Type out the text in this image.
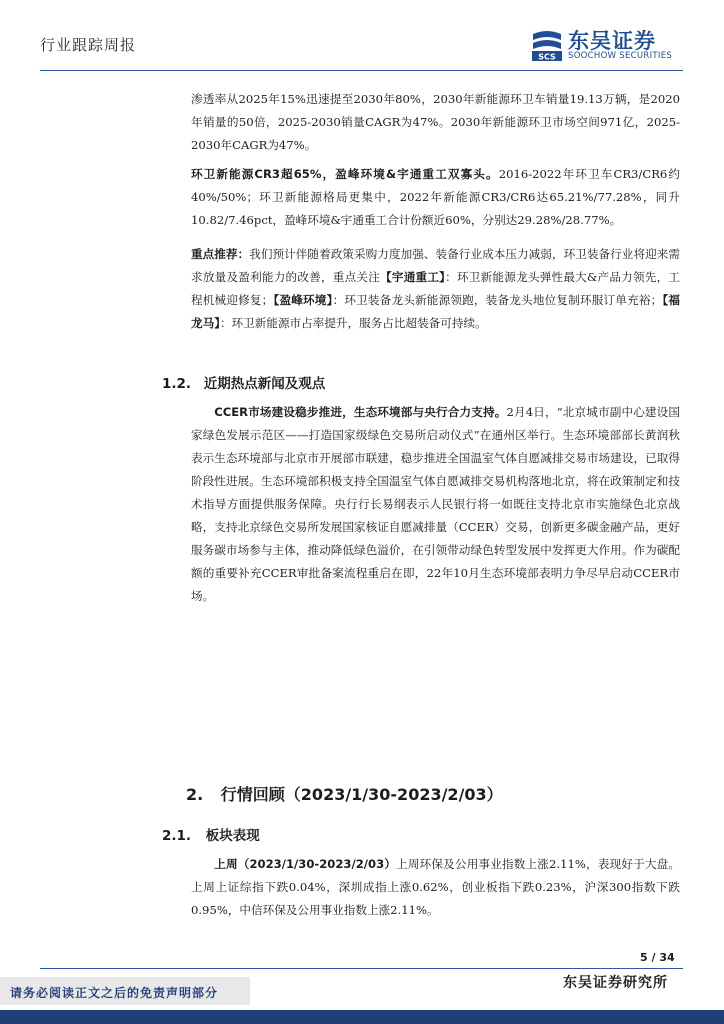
行业跟踪周报
SCS
东吴证券
SOOCHOW SECURITIES
渗透率从2025年15%迅速提至2030年80%，2030年新能源环卫车销量19.13万辆，是2020年销量的50倍，2025-2030销量CAGR为47%。2030年新能源环卫市场空间971亿，2025-2030年CAGR为47%。
环卫新能源CR3超65%，盈峰环境&宇通重工双寡头。2016-2022年环卫车CR3/CR6约40%/50%；环卫新能源格局更集中，2022年新能源CR3/CR6达65.21%/77.28%，同升10.82/7.46pct，盈峰环境&宇通重工合计份额近60%，分别达29.28%/28.77%。
重点推荐：我们预计伴随着政策采购力度加强、装备行业成本压力减弱，环卫装备行业将迎来需求放量及盈利能力的改善，重点关注【宇通重工】：环卫新能源龙头弹性最大&产品力领先，工程机械迎修复；【盈峰环境】：环卫装备龙头新能源领跑，装备龙头地位复制环服订单充裕；【福龙马】：环卫新能源市占率提升，服务占比超装备可持续。
1.2. 近期热点新闻及观点
CCER市场建设稳步推进，生态环境部与央行合力支持。2月4日，“北京城市副中心建设国家绿色发展示范区——打造国家级绿色交易所启动仪式”在通州区举行。生态环境部部长黄润秋表示生态环境部与北京市开展部市联建，稳步推进全国温室气体自愿减排交易市场建设，已取得阶段性进展。生态环境部积极支持全国温室气体自愿减排交易机构落地北京，将在政策制定和技术指导方面提供服务保障。央行行长易纲表示人民银行将一如既往支持北京市实施绿色北京战略，支持北京绿色交易所发展国家核证自愿减排量（CCER）交易，创新更多碳金融产品，更好服务碳市场参与主体，推动降低绿色溢价，在引领带动绿色转型发展中发挥更大作用。作为碳配额的重要补充CCER审批备案流程重启在即，22年10月生态环境部表明力争尽早启动CCER市场。
2. 行情回顾（2023/1/30-2023/2/03）
2.1. 板块表现
上周（2023/1/30-2023/2/03）上周环保及公用事业指数上涨2.11%，表现好于大盘。上周上证综指下跌0.04%，深圳成指上涨0.62%，创业板指下跌0.23%，沪深300指数下跌0.95%，中信环保及公用事业指数上涨2.11%。
5 / 34
东吴证券研究所
请务必阅读正文之后的免责声明部分
